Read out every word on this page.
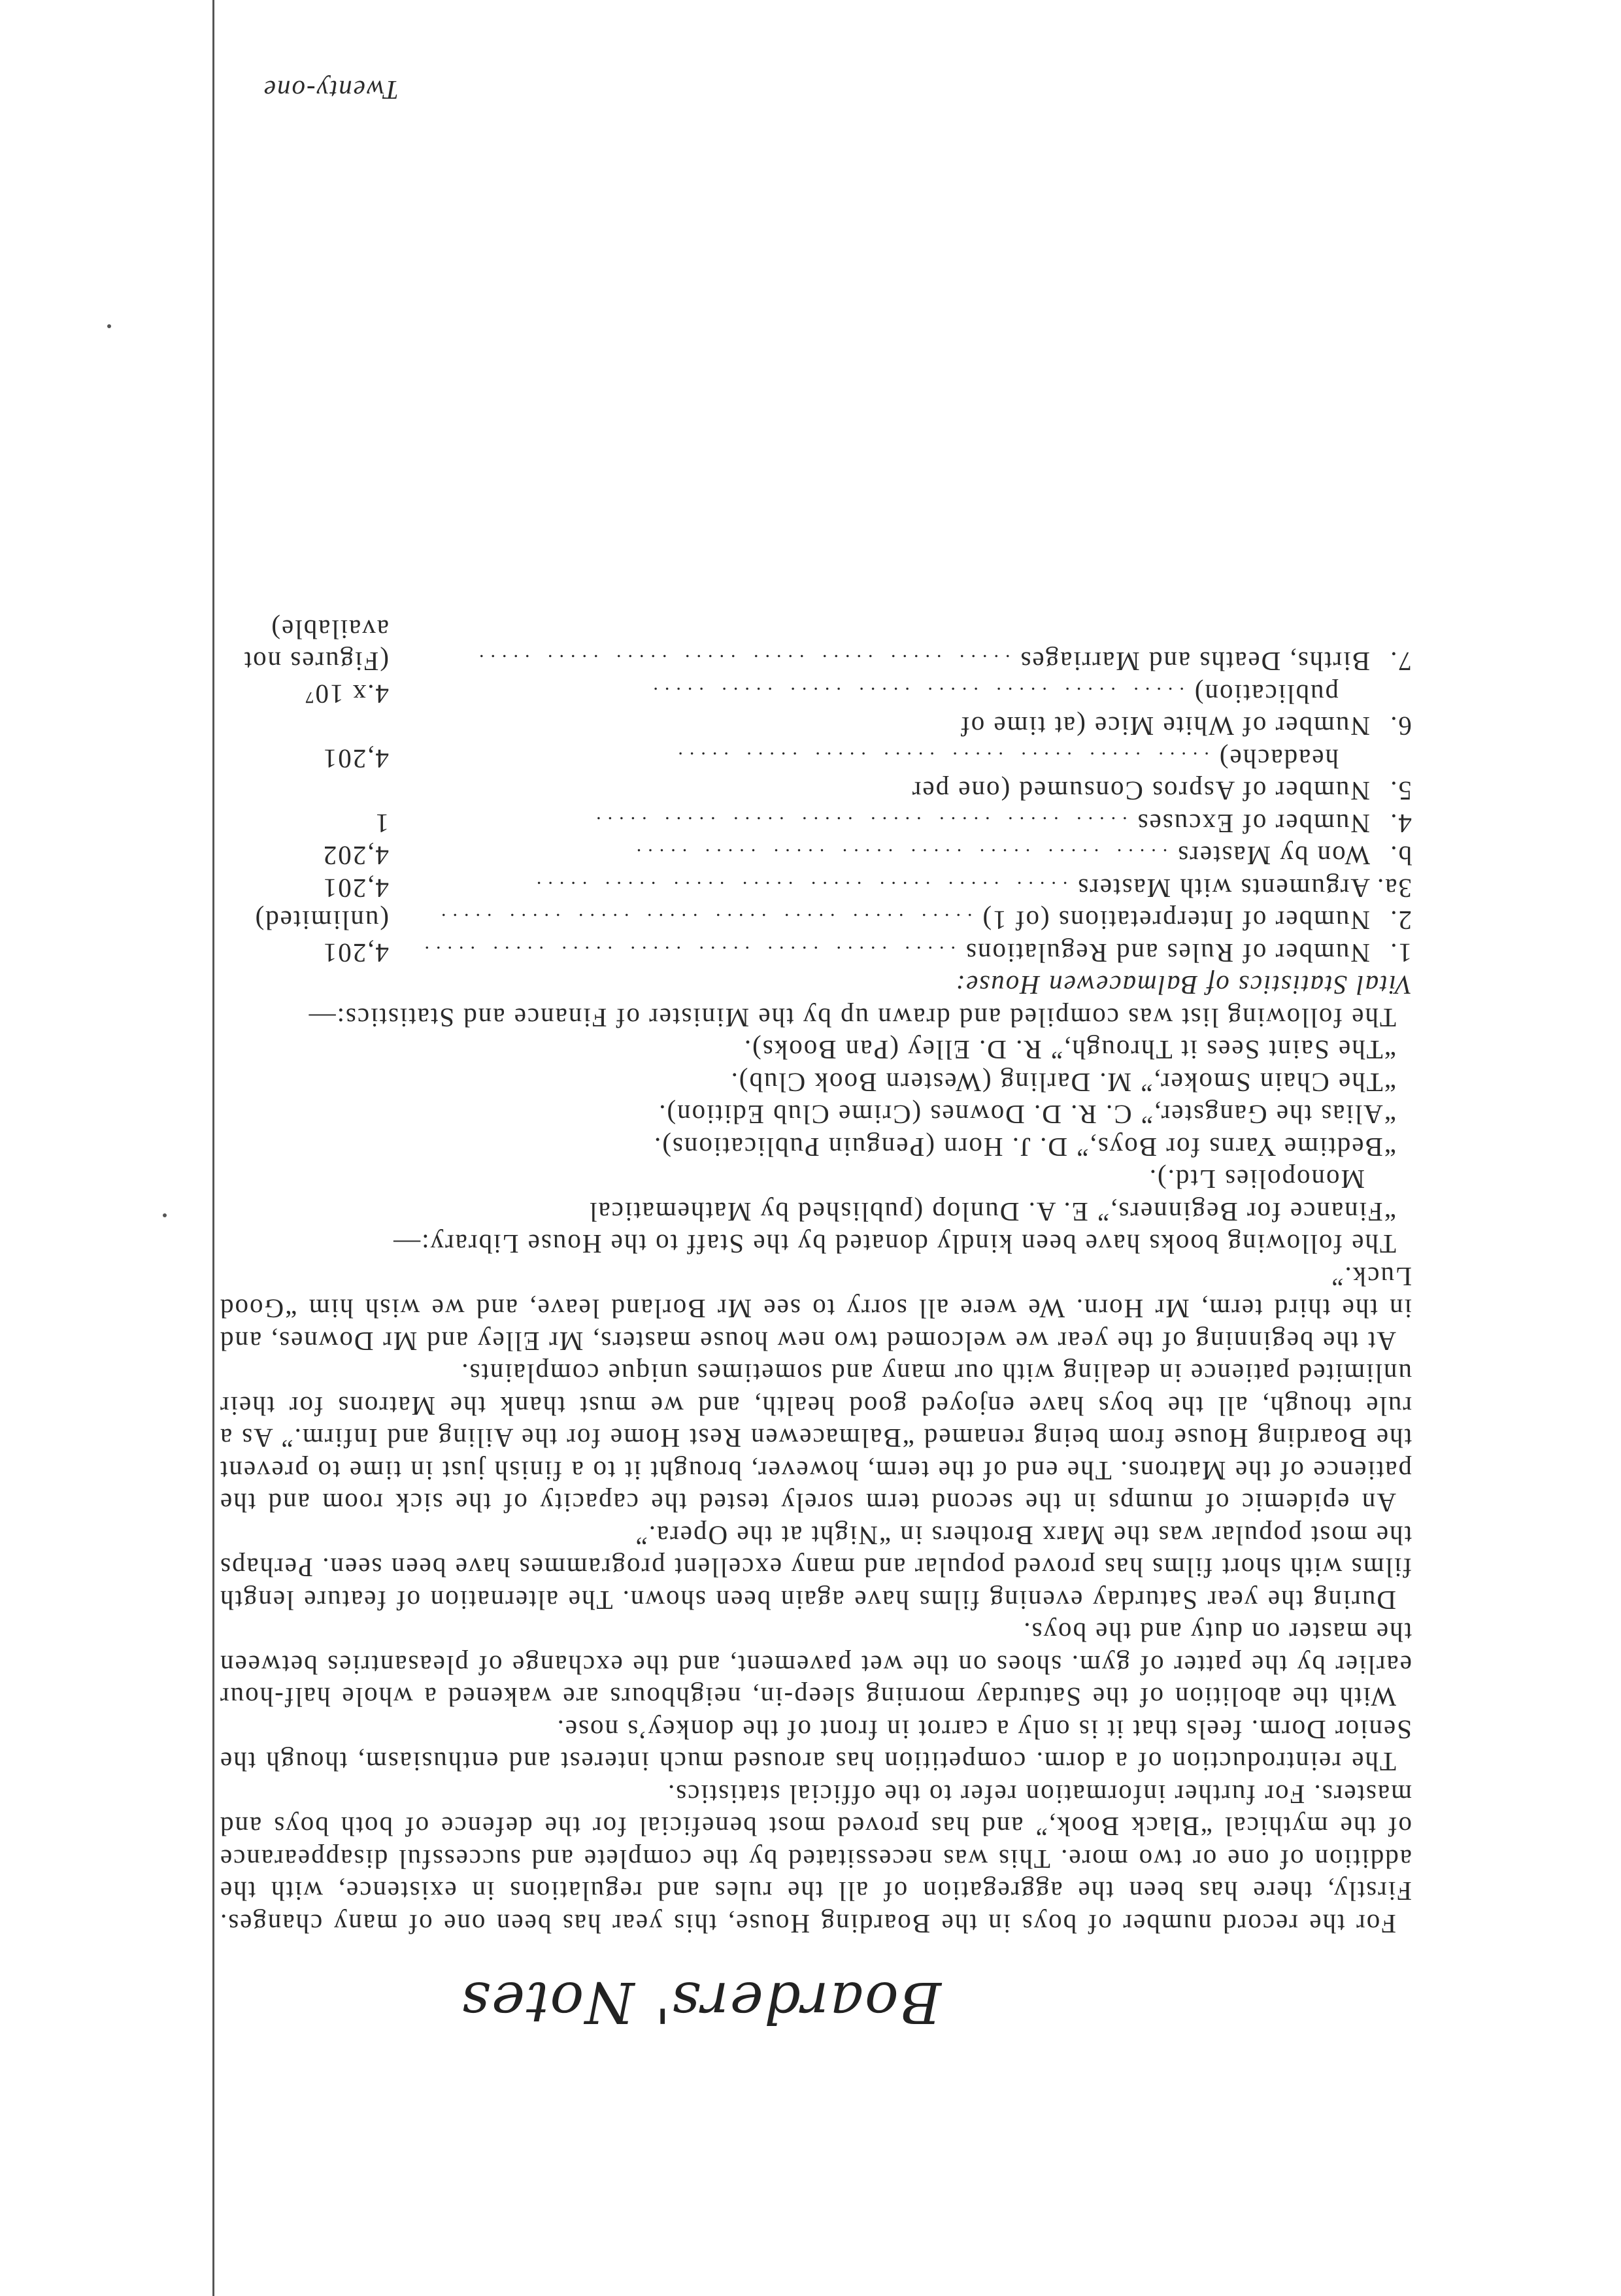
Boarders' Notes

For the record number of boys in the Boarding House, this year has been one of many changes. Firstly, there has been the aggregation of all the rules and regulations in existence, with the addition of one or two more. This was necessitated by the complete and successful disappearance of the mythical “Black Book,” and has proved most beneficial for the defence of both boys and masters. For further information refer to the official statistics.

The reintroduction of a dorm. competition has aroused much interest and enthusiasm, though the Senior Dorm. feels that it is only a carrot in front of the donkey’s nose.

With the abolition of the Saturday morning sleep-in, neighbours are wakened a whole half-hour earlier by the patter of gym. shoes on the wet pavement, and the exchange of pleasantries between the master on duty and the boys.

During the year Saturday evening films have again been shown. The alternation of feature length films with short films has proved popular and many excellent programmes have been seen. Perhaps the most popular was the Marx Brothers in “Night at the Opera.”

An epidemic of mumps in the second term sorely tested the capacity of the sick room and the patience of the Matrons. The end of the term, however, brought it to a finish just in time to prevent the Boarding House from being renamed “Balmacewen Rest Home for the Ailing and Infirm.” As a rule though, all the boys have enjoyed good health, and we must thank the Matrons for their unlimited patience in dealing with our many and sometimes unique complaints.

At the beginning of the year we welcomed two new house masters, Mr Elley and Mr Downes, and in the third term, Mr Horn. We were all sorry to see Mr Borland leave, and we wish him “Good Luck.”

The following books have been kindly donated by the Staff to the House Library:—

“Finance for Beginners,” E. A. Dunlop (published by Mathematical
Monopolies Ltd.).

“Bedtime Yarns for Boys,” D. J. Horn (Penguin Publications).

“Alias the Gangster,” C. R. D. Downes (Crime Club Edition).

“The Chain Smoker,” M. Darling (Western Book Club).

“The Saint Sees it Through,” R. D. Elley (Pan Books).

The following list was compiled and drawn up by the Minister of Finance and Statistics:—

Vital Statistics of Balmacewen House:

1.
Number of Rules and Regulations
..... ..... ..... ..... ..... ..... ..... .....
4,201
2.
Number of Interpretations (of 1)
..... ..... ..... ..... ..... ..... ..... .....
(unlimited)
3a.
Arguments with Masters
..... ..... ..... ..... ..... ..... ..... .....
4,201
b.
Won by Masters
..... ..... ..... ..... ..... ..... ..... .....
4,202
4.
Number of Excuses
..... ..... ..... ..... ..... ..... ..... .....
1
5.
Number of Aspros Consumed (one per
headache)
..... ..... ..... ..... ..... ..... ..... .....
4,201
6.
Number of White Mice (at time of
publication)
..... ..... ..... ..... ..... ..... ..... .....
4.x 10⁷
7.
Births, Deaths and Marriages
..... ..... ..... ..... ..... ..... ..... .....
(Figures not
available)
Twenty-one
